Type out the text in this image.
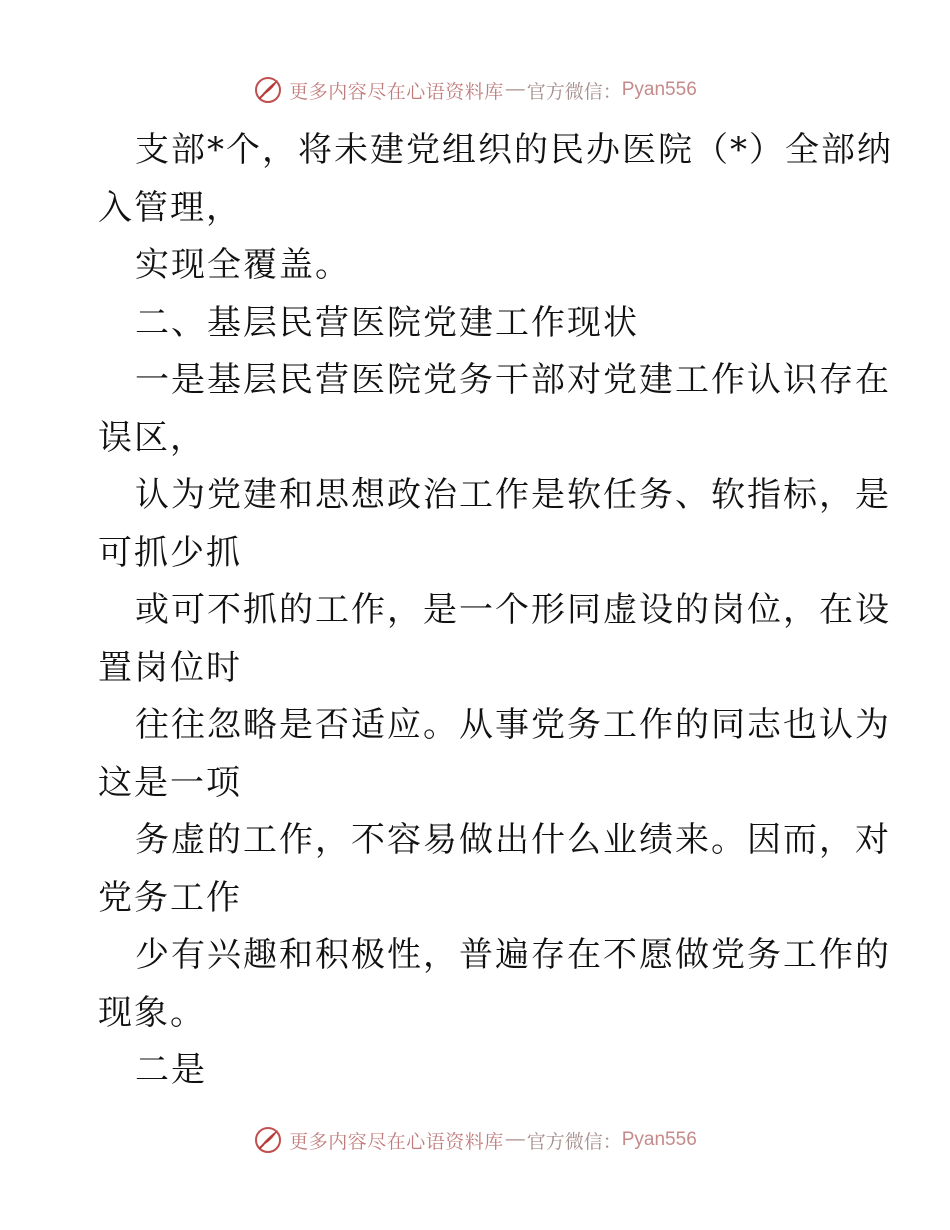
更多内容尽在心语资料库 — 官方微信： Pyan556
支部*个，将未建党组织的民办医院（*）全部纳
入管理，
实现全覆盖。
二、基层民营医院党建工作现状
一是基层民营医院党务干部对党建工作认识存在
误区，
认为党建和思想政治工作是软任务、软指标，是
可抓少抓
或可不抓的工作，是一个形同虚设的岗位，在设
置岗位时
往往忽略是否适应。从事党务工作的同志也认为
这是一项
务虚的工作，不容易做出什么业绩来。因而，对
党务工作
少有兴趣和积极性，普遍存在不愿做党务工作的
现象。
二是
更多内容尽在心语资料库 — 官方微信： Pyan556
